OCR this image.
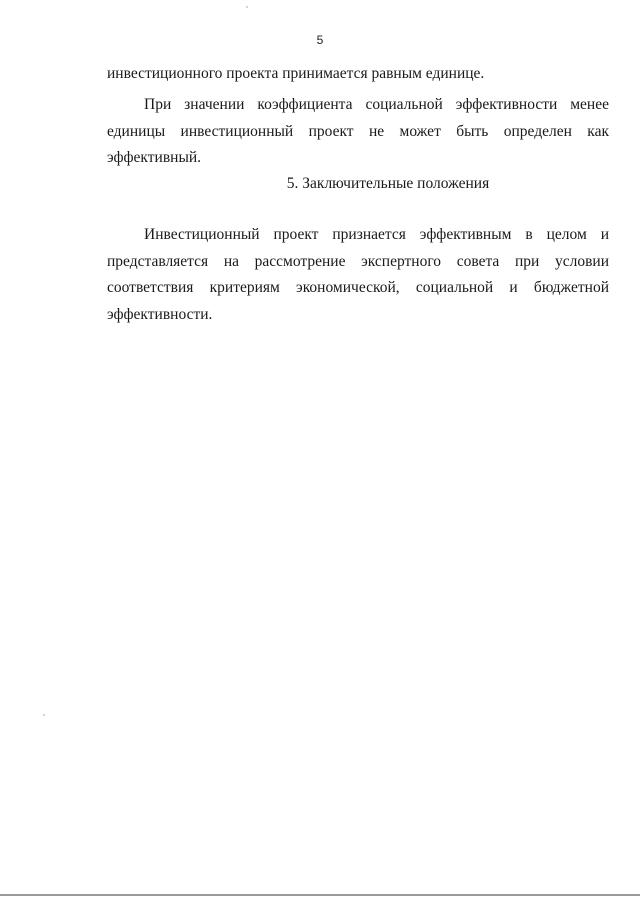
5

инвестиционного проекта принимается равным единице.

При значении коэффициента социальной эффективности менее единицы инвестиционный проект не может быть определен как эффективный.

5. Заключительные положения

Инвестиционный проект признается эффективным в целом и представляется на рассмотрение экспертного совета при условии соответствия критериям экономической, социальной и бюджетной эффективности.
